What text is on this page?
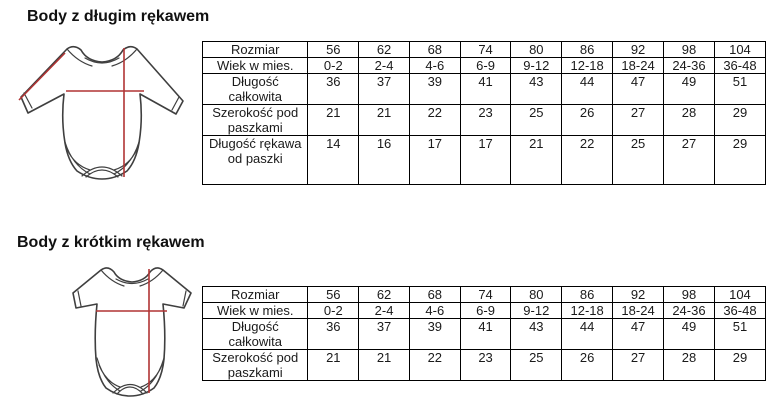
Body z długim rękawem
Rozmiar	56	62	68	74	80	86	92	98	104
Wiek w mies.	0-2	2-4	4-6	6-9	9-12	12-18	18-24	24-36	36-48
Długość całkowita	36	37	39	41	43	44	47	49	51
Szerokość pod paszkami	21	21	22	23	25	26	27	28	29
Długość rękawa od paszki	14	16	17	17	21	22	25	27	29
Body z krótkim rękawem
Rozmiar	56	62	68	74	80	86	92	98	104
Wiek w mies.	0-2	2-4	4-6	6-9	9-12	12-18	18-24	24-36	36-48
Długość całkowita	36	37	39	41	43	44	47	49	51
Szerokość pod paszkami	21	21	22	23	25	26	27	28	29
